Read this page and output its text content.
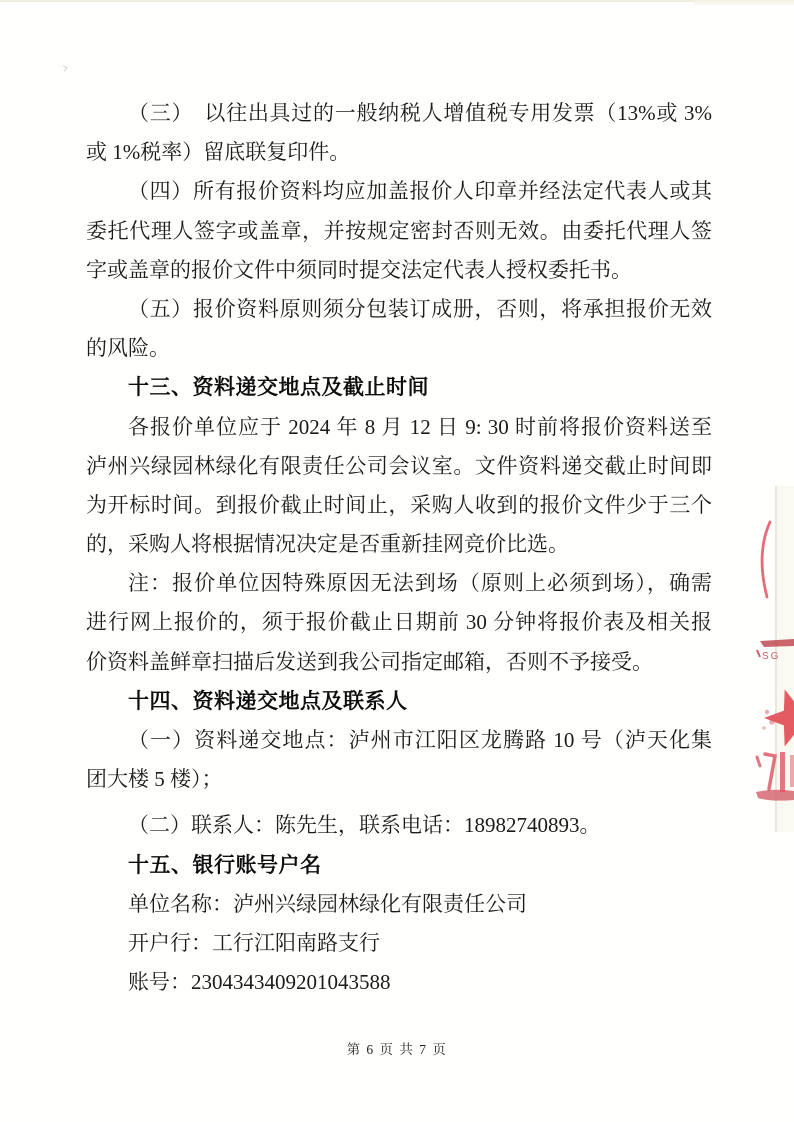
›
（三）　以往出具过的一般纳税人增值税专用发票（13%或 3%
或 1%税率）留底联复印件。
（四）所有报价资料均应加盖报价人印章并经法定代表人或其
委托代理人签字或盖章，并按规定密封否则无效。由委托代理人签
字或盖章的报价文件中须同时提交法定代表人授权委托书。
（五）报价资料原则须分包装订成册，否则，将承担报价无效
的风险。
十三、资料递交地点及截止时间
各报价单位应于 2024 年 8 月 12 日 9: 30 时前将报价资料送至
泸州兴绿园林绿化有限责任公司会议室。文件资料递交截止时间即
为开标时间。到报价截止时间止，采购人收到的报价文件少于三个
的，采购人将根据情况决定是否重新挂网竞价比选。
注：报价单位因特殊原因无法到场（原则上必须到场），确需
进行网上报价的，须于报价截止日期前 30 分钟将报价表及相关报
价资料盖鲜章扫描后发送到我公司指定邮箱，否则不予接受。
十四、资料递交地点及联系人
（一）资料递交地点：泸州市江阳区龙腾路 10 号（泸天化集
团大楼 5 楼）；
（二）联系人：陈先生，联系电话：18982740893。
十五、银行账号户名
单位名称：泸州兴绿园林绿化有限责任公司
开户行：工行江阳南路支行
账号：2304343409201043588
SG
第 6 页 共 7 页
